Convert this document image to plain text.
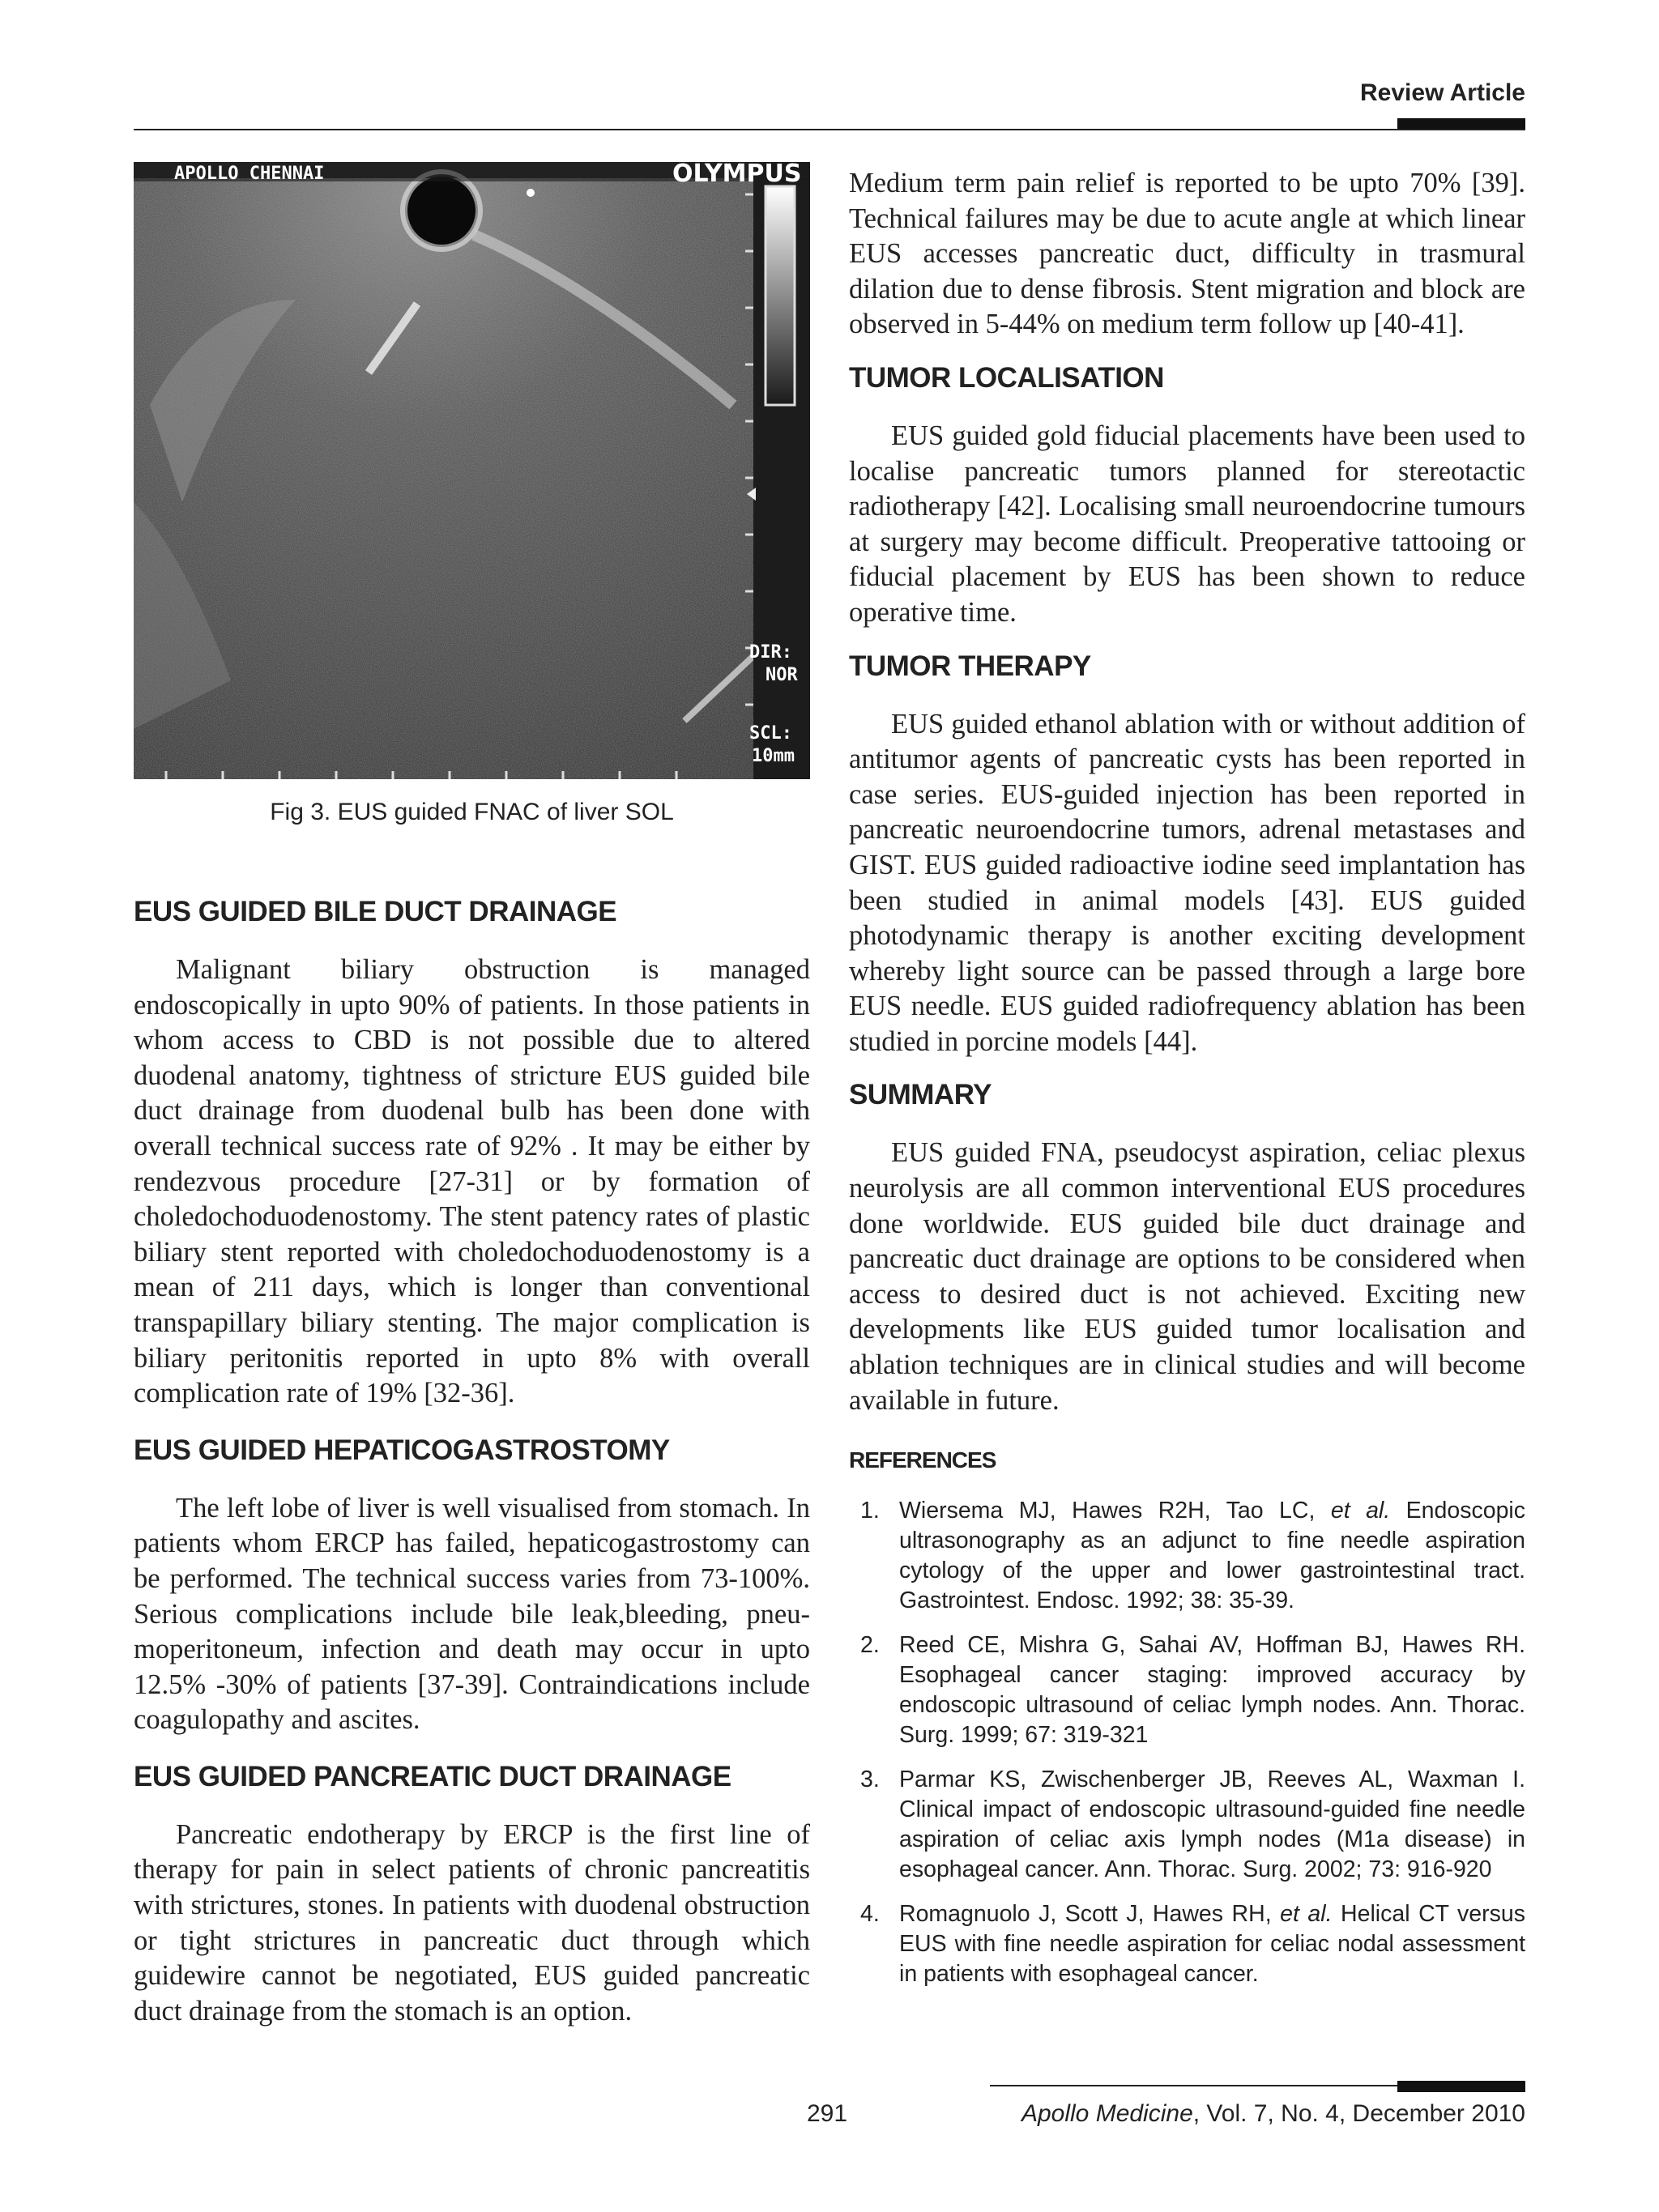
Review Article
APOLLO CHENNAI	OLYMPUS
DIR:
NOR
SCL:
10mm
Fig 3. EUS guided FNAC of liver SOL
EUS GUIDED BILE DUCT DRAINAGE

Malignant biliary obstruction is managed endoscopically in upto 90% of patients. In those patients in whom access to CBD is not possible due to altered duodenal anatomy, tightness of stricture EUS guided bile duct drainage from duodenal bulb has been done with overall technical success rate of 92% . It may be either by rendezvous procedure [27-31] or by formation of choledochoduodenostomy. The stent patency rates of plastic biliary stent reported with choledochoduodenostomy is a mean of 211 days, which is longer than conventional transpapillary biliary stenting. The major complication is biliary peritonitis reported in upto 8% with overall complication rate of 19% [32-36].

EUS GUIDED HEPATICOGASTROSTOMY

The left lobe of liver is well visualised from stomach. In patients whom ERCP has failed, hepaticogastrostomy can be performed. The technical success varies from 73-100%. Serious complications include bile leak,bleeding, pneu-moperitoneum, infection and death may occur in upto 12.5% -30% of patients [37-39]. Contraindications include coagulopathy and ascites.

EUS GUIDED PANCREATIC DUCT DRAINAGE

Pancreatic endotherapy by ERCP is the first line of therapy for pain in select patients of chronic pancreatitis with strictures, stones. In patients with duodenal obstruction or tight strictures in pancreatic duct through which guidewire cannot be negotiated, EUS guided pancreatic duct drainage from the stomach is an option.

Medium term pain relief is reported to be upto 70% [39]. Technical failures may be due to acute angle at which linear EUS accesses pancreatic duct, difficulty in trasmural dilation due to dense fibrosis. Stent migration and block are observed in 5-44% on medium term follow up [40-41].

TUMOR LOCALISATION

EUS guided gold fiducial placements have been used to localise pancreatic tumors planned for stereotactic radiotherapy [42]. Localising small neuroendocrine tumours at surgery may become difficult. Preoperative tattooing or fiducial placement by EUS has been shown to reduce operative time.

TUMOR THERAPY

EUS guided ethanol ablation with or without addition of antitumor agents of pancreatic cysts has been reported in case series. EUS-guided injection has been reported in pancreatic neuroendocrine tumors, adrenal metastases and GIST. EUS guided radioactive iodine seed implantation has been studied in animal models [43]. EUS guided photodynamic therapy is another exciting development whereby light source can be passed through a large bore EUS needle. EUS guided radiofrequency ablation has been studied in porcine models [44].

SUMMARY

EUS guided FNA, pseudocyst aspiration, celiac plexus neurolysis are all common interventional EUS procedures done worldwide. EUS guided bile duct drainage and pancreatic duct drainage are options to be considered when access to desired duct is not achieved. Exciting new developments like EUS guided tumor localisation and ablation techniques are in clinical studies and will become available in future.

REFERENCES
1. Wiersema MJ, Hawes R2H, Tao LC, et al. Endoscopic ultrasonography as an adjunct to fine needle aspiration cytology of the upper and lower gastrointestinal tract. Gastrointest. Endosc. 1992; 38: 35-39.
2. Reed CE, Mishra G, Sahai AV, Hoffman BJ, Hawes RH. Esophageal cancer staging: improved accuracy by endoscopic ultrasound of celiac lymph nodes. Ann. Thorac. Surg. 1999; 67: 319-321
3. Parmar KS, Zwischenberger JB, Reeves AL, Waxman I. Clinical impact of endoscopic ultrasound-guided fine needle aspiration of celiac axis lymph nodes (M1a disease) in esophageal cancer. Ann. Thorac. Surg. 2002; 73: 916-920
4. Romagnuolo J, Scott J, Hawes RH, et al. Helical CT versus EUS with fine needle aspiration for celiac nodal assessment in patients with esophageal cancer.
291	Apollo Medicine, Vol. 7, No. 4, December 2010
